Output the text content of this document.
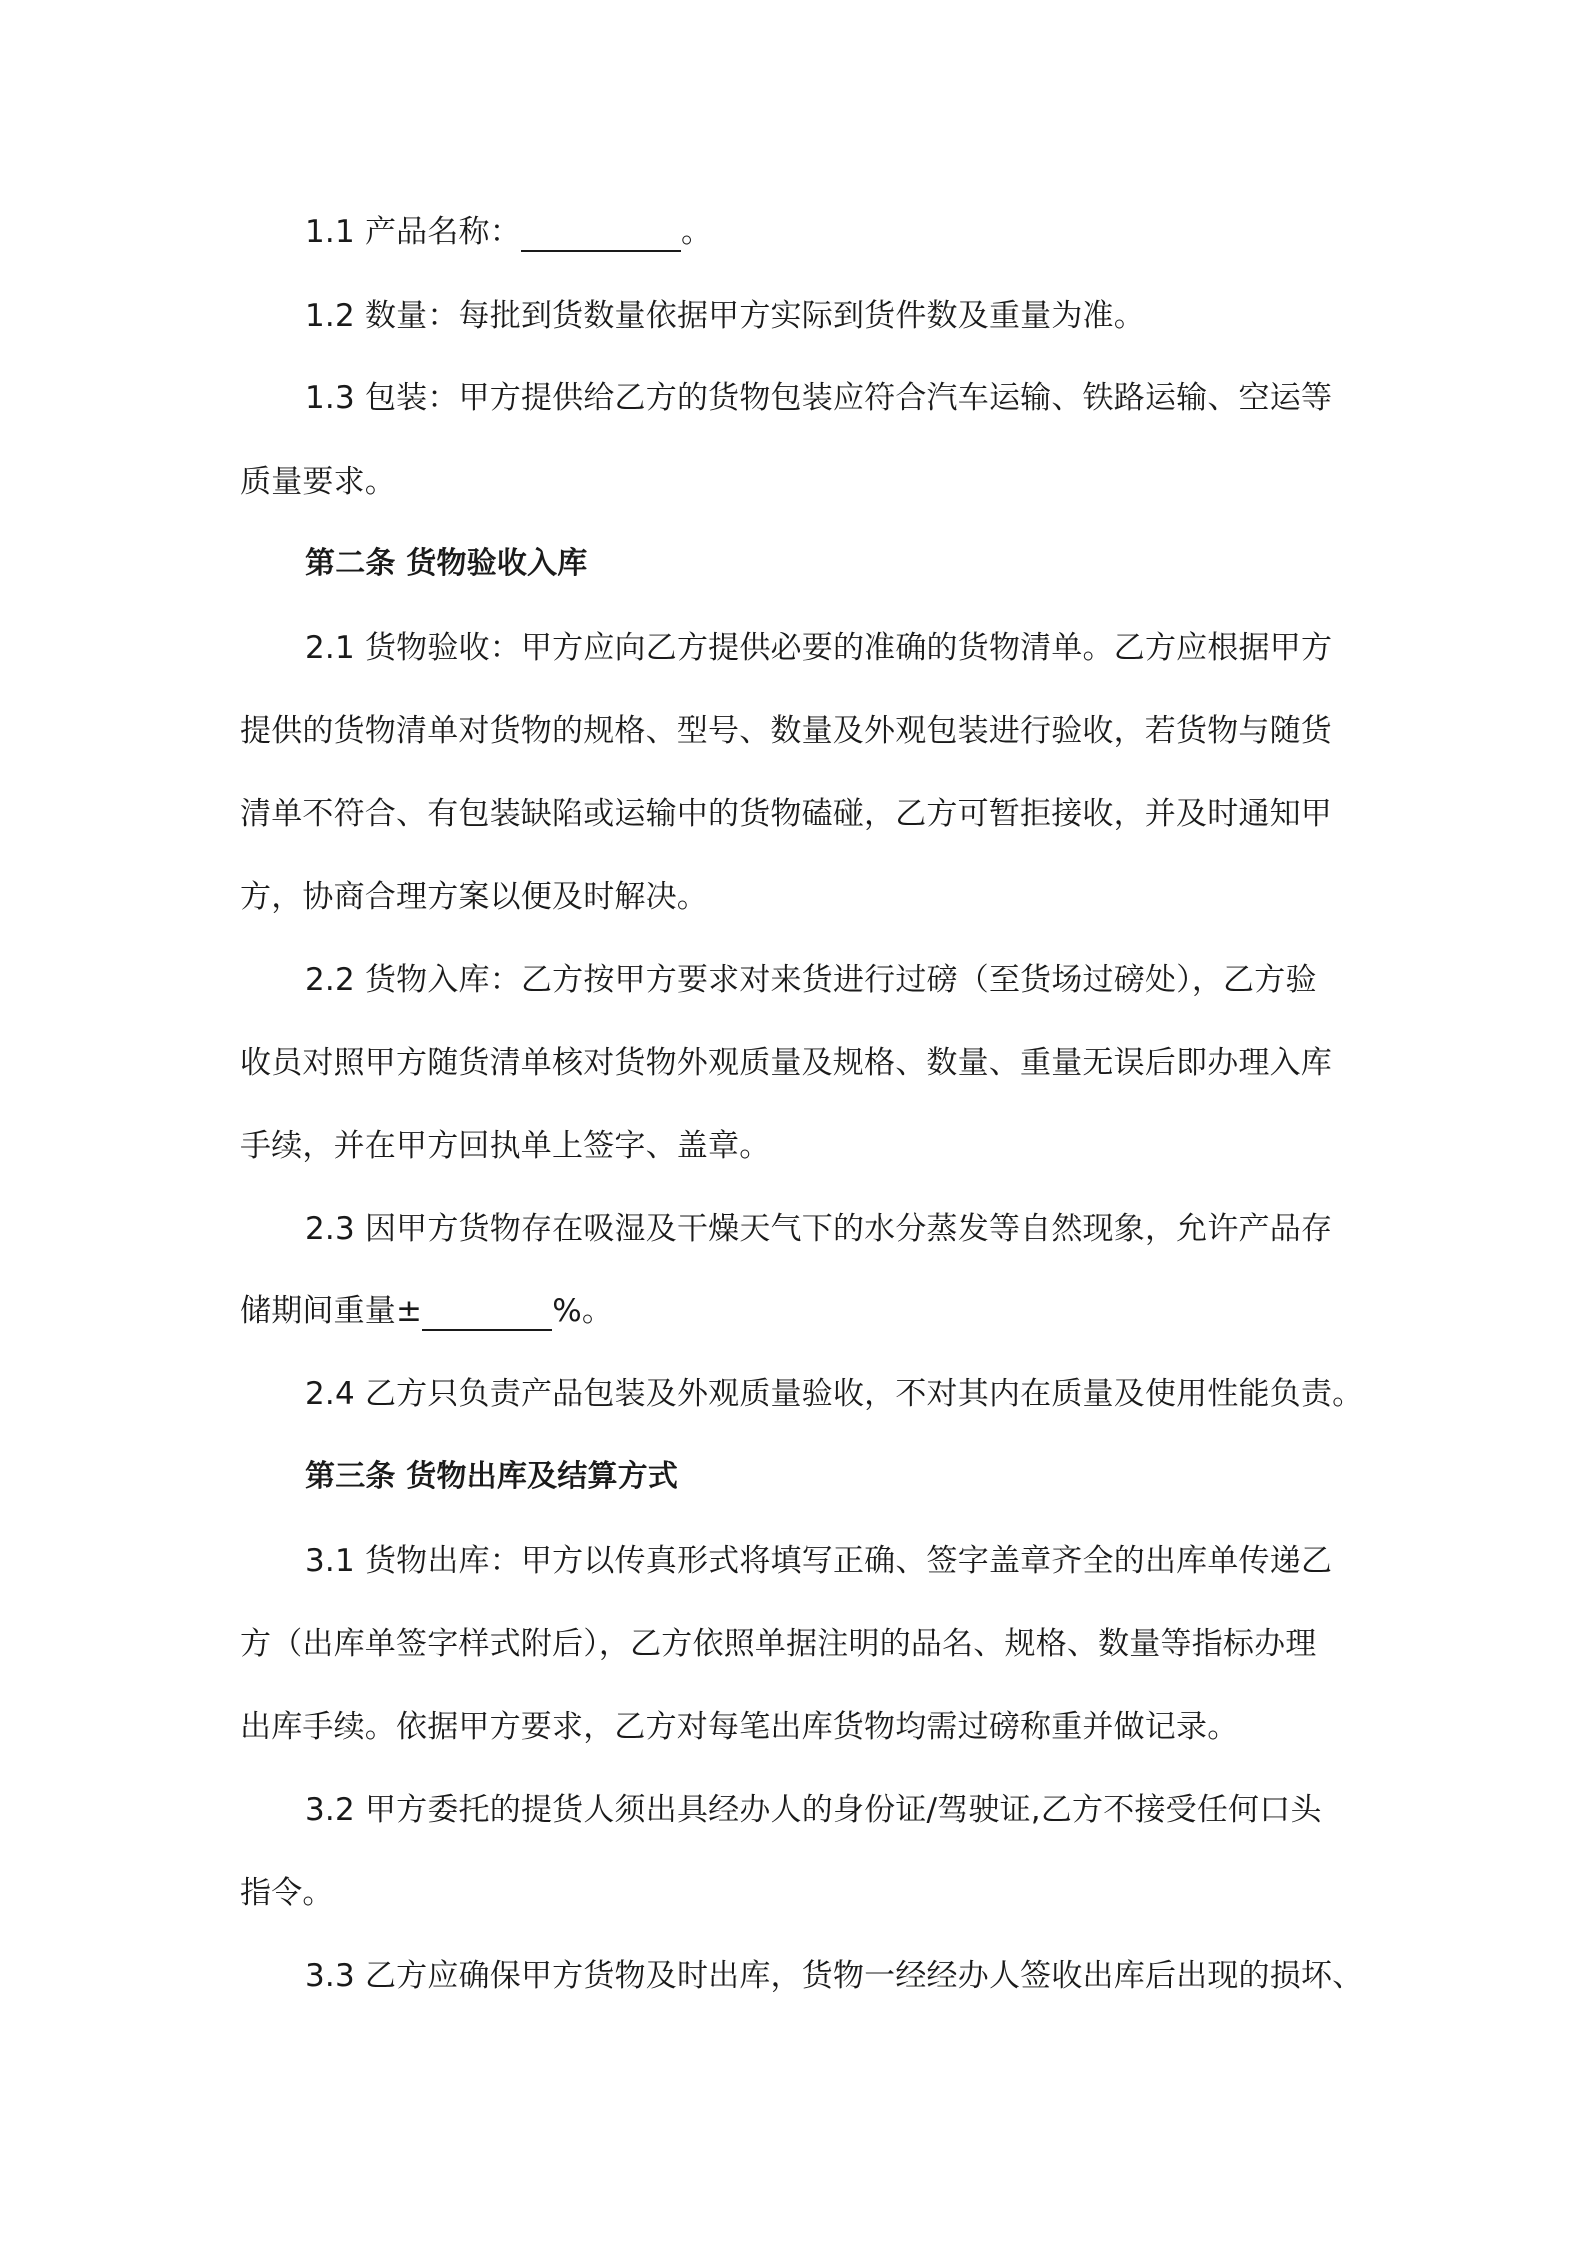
1.1 产品名称：	。
1.2 数量：每批到货数量依据甲方实际到货件数及重量为准。
1.3 包装：甲方提供给乙方的货物包装应符合汽车运输、铁路运输、空运等
质量要求。
第二条 货物验收入库
2.1 货物验收：甲方应向乙方提供必要的准确的货物清单。乙方应根据甲方
提供的货物清单对货物的规格、型号、数量及外观包装进行验收，若货物与随货
清单不符合、有包装缺陷或运输中的货物磕碰，乙方可暂拒接收，并及时通知甲
方，协商合理方案以便及时解决。
2.2 货物入库：乙方按甲方要求对来货进行过磅（至货场过磅处），乙方验
收员对照甲方随货清单核对货物外观质量及规格、数量、重量无误后即办理入库
手续，并在甲方回执单上签字、盖章。
2.3 因甲方货物存在吸湿及干燥天气下的水分蒸发等自然现象，允许产品存
储期间重量±	%。
2.4 乙方只负责产品包装及外观质量验收，不对其内在质量及使用性能负责。
第三条 货物出库及结算方式
3.1 货物出库：甲方以传真形式将填写正确、签字盖章齐全的出库单传递乙
方（出库单签字样式附后），乙方依照单据注明的品名、规格、数量等指标办理
出库手续。依据甲方要求，乙方对每笔出库货物均需过磅称重并做记录。
3.2 甲方委托的提货人须出具经办人的身份证/驾驶证,乙方不接受任何口头
指令。
3.3 乙方应确保甲方货物及时出库，货物一经经办人签收出库后出现的损坏、
